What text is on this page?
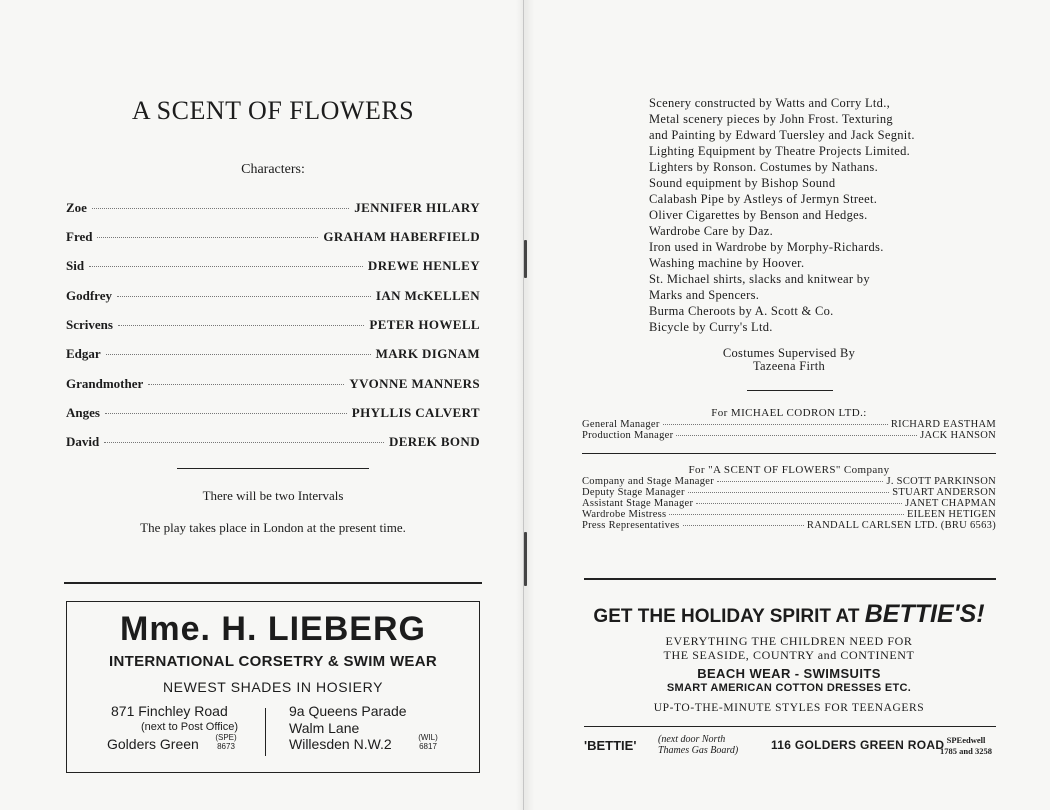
A SCENT OF FLOWERS
Characters:
Zoe	JENNIFER HILARY
Fred	GRAHAM HABERFIELD
Sid	DREWE HENLEY
Godfrey	IAN McKELLEN
Scrivens	PETER HOWELL
Edgar	MARK DIGNAM
Grandmother	YVONNE MANNERS
Anges	PHYLLIS CALVERT
David	DEREK BOND
There will be two Intervals
The play takes place in London at the present time.
Mme. H. LIEBERG
INTERNATIONAL CORSETRY & SWIM WEAR
NEWEST SHADES IN HOSIERY
871 Finchley Road
(next to Post Office)
Golders Green	(SPE)
8673
9a Queens Parade
Walm Lane
Willesden N.W.2	(WIL)
6817
Scenery constructed by Watts and Corry Ltd.,
Metal scenery pieces by John Frost. Texturing
and Painting by Edward Tuersley and Jack Segnit.
Lighting Equipment by Theatre Projects Limited.
Lighters by Ronson. Costumes by Nathans.
Sound equipment by Bishop Sound
Calabash Pipe by Astleys of Jermyn Street.
Oliver Cigarettes by Benson and Hedges.
Wardrobe Care by Daz.
Iron used in Wardrobe by Morphy-Richards.
Washing machine by Hoover.
St. Michael shirts, slacks and knitwear by
Marks and Spencers.
Burma Cheroots by A. Scott & Co.
Bicycle by Curry's Ltd.
Costumes Supervised By
Tazeena Firth
For MICHAEL CODRON LTD.:
General Manager	RICHARD EASTHAM
Production Manager	JACK HANSON
For "A SCENT OF FLOWERS" Company
Company and Stage Manager	J. SCOTT PARKINSON
Deputy Stage Manager	STUART ANDERSON
Assistant Stage Manager	JANET CHAPMAN
Wardrobe Mistress	EILEEN HETIGEN
Press Representatives	RANDALL CARLSEN LTD. (BRU 6563)
GET THE HOLIDAY SPIRIT AT BETTIE'S!
EVERYTHING THE CHILDREN NEED FOR
THE SEASIDE, COUNTRY and CONTINENT
BEACH WEAR - SWIMSUITS
SMART AMERICAN COTTON DRESSES ETC.
UP-TO-THE-MINUTE STYLES FOR TEENAGERS
'BETTIE' (next door North
Thames Gas Board)	116 GOLDERS GREEN ROAD SPEedwell
1785 and 3258
